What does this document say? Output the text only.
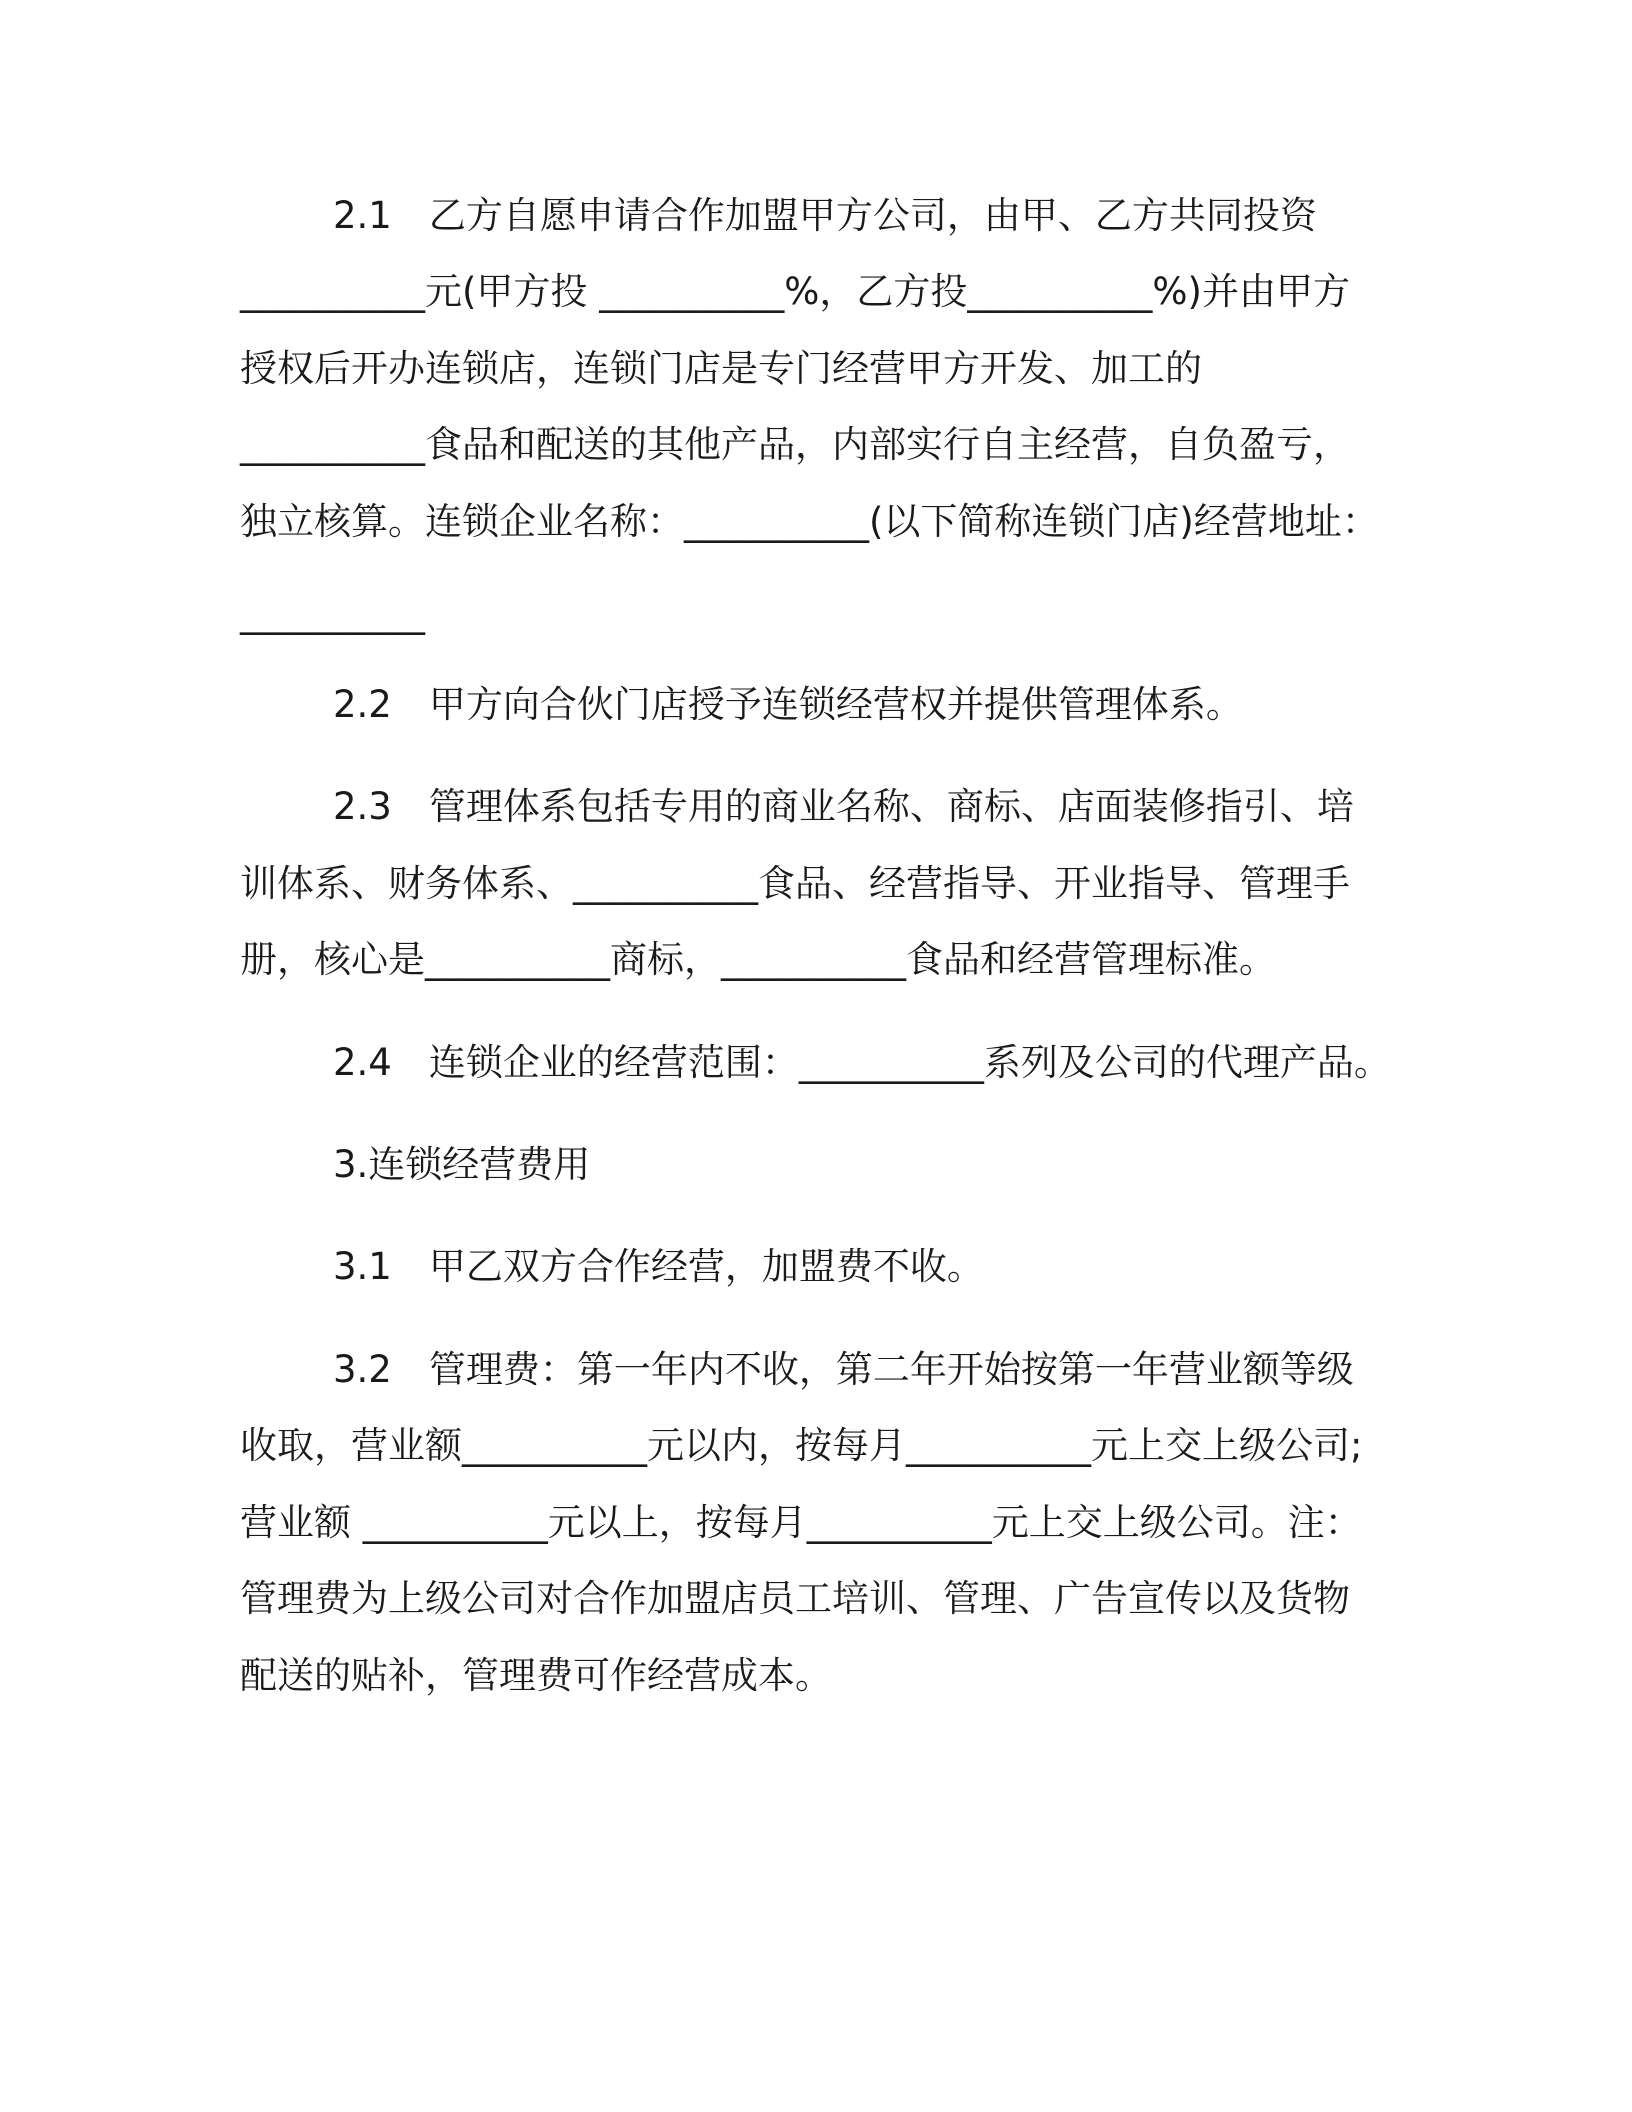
2.1　乙方自愿申请合作加盟甲方公司，由甲、乙方共同投资
__________元(甲方投 __________%，乙方投__________%)并由甲方
授权后开办连锁店，连锁门店是专门经营甲方开发、加工的
__________食品和配送的其他产品，内部实行自主经营，自负盈亏，
独立核算。连锁企业名称：__________(以下简称连锁门店)经营地址：
__________
2.2　甲方向合伙门店授予连锁经营权并提供管理体系。
2.3　管理体系包括专用的商业名称、商标、店面装修指引、培
训体系、财务体系、__________食品、经营指导、开业指导、管理手
册，核心是__________商标，__________食品和经营管理标准。
2.4　连锁企业的经营范围：__________系列及公司的代理产品。
3.连锁经营费用
3.1　甲乙双方合作经营，加盟费不收。
3.2　管理费：第一年内不收，第二年开始按第一年营业额等级
收取，营业额__________元以内，按每月__________元上交上级公司;
营业额 __________元以上，按每月__________元上交上级公司。注：
管理费为上级公司对合作加盟店员工培训、管理、广告宣传以及货物
配送的贴补，管理费可作经营成本。
